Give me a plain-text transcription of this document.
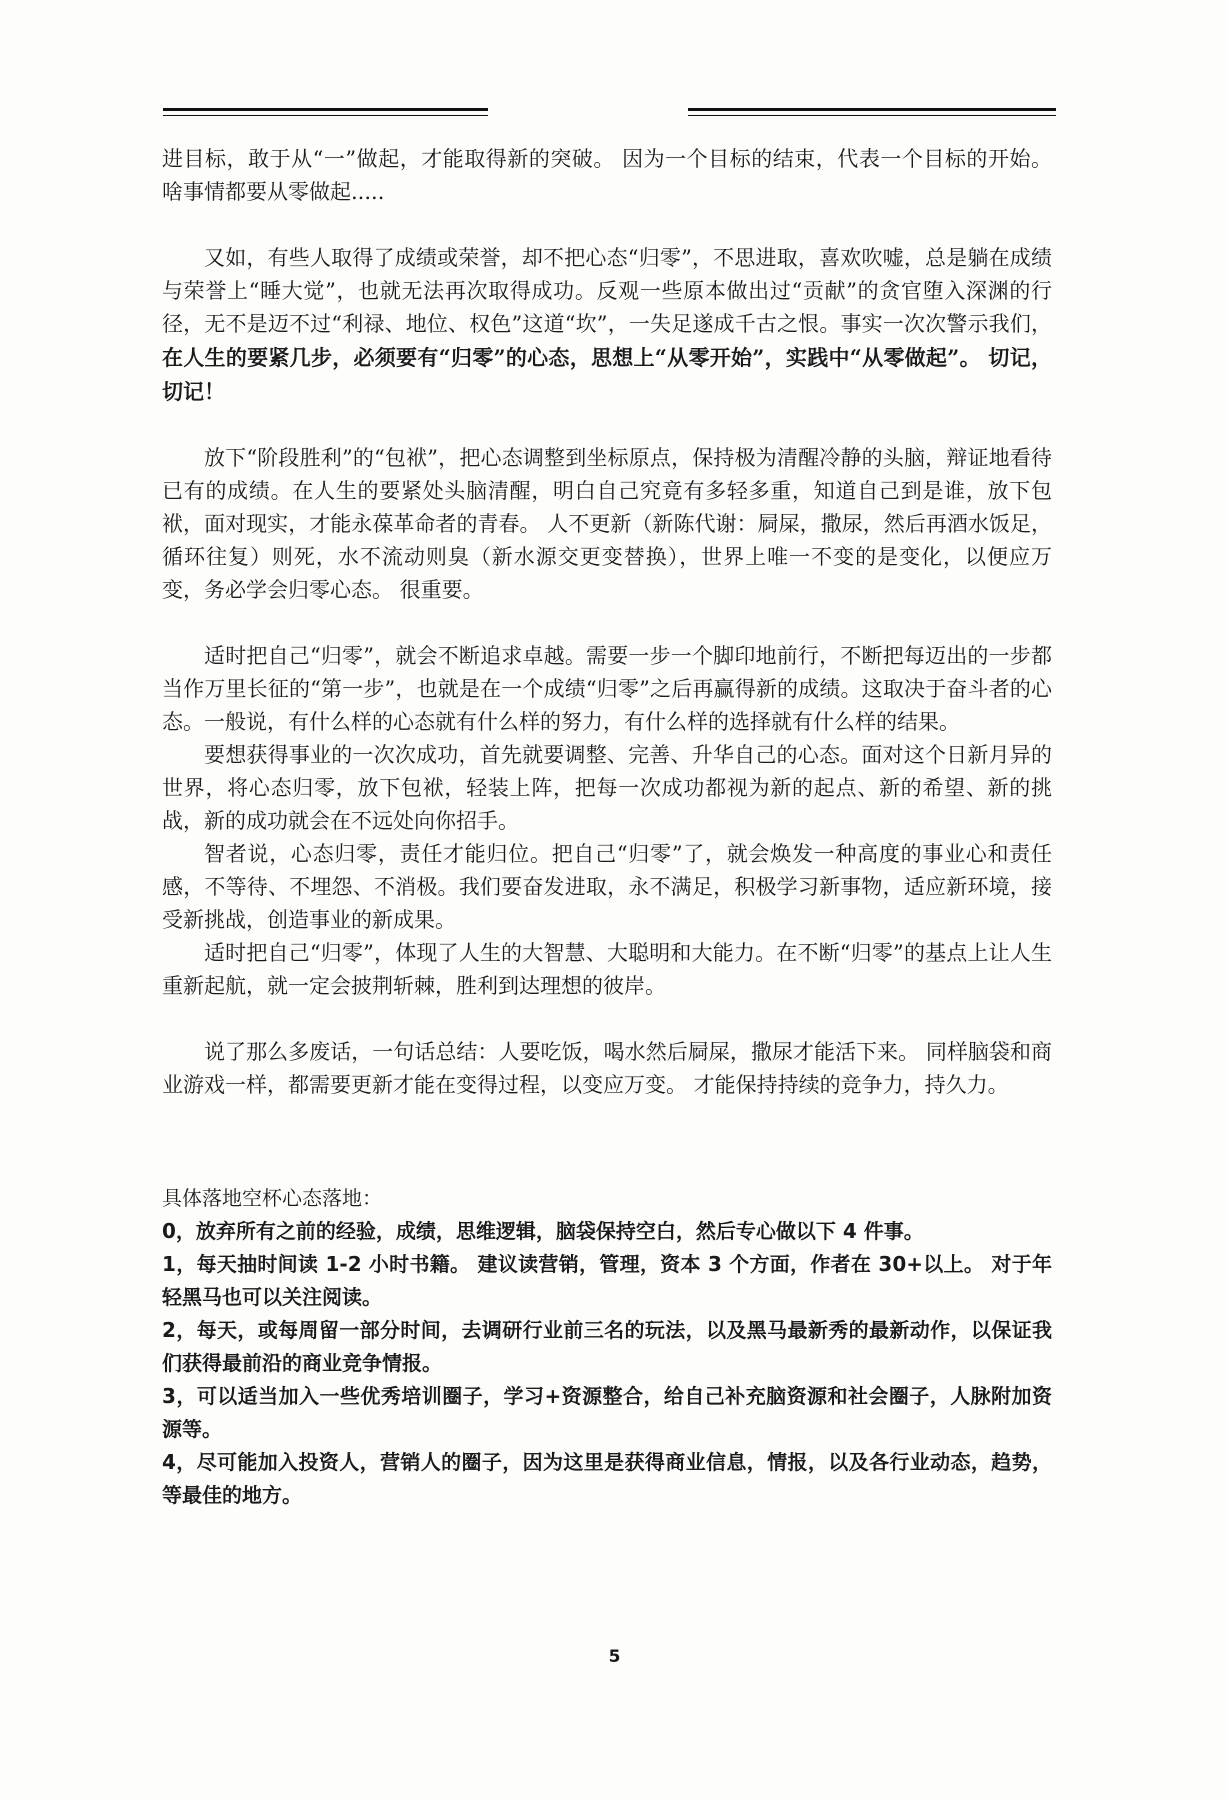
进目标，敢于从“一”做起，才能取得新的突破。 因为一个目标的结束，代表一个目标的开始。 啥事情都要从零做起.....

又如，有些人取得了成绩或荣誉，却不把心态“归零”，不思进取，喜欢吹嘘，总是躺在成绩与荣誉上“睡大觉”，也就无法再次取得成功。反观一些原本做出过“贡献”的贪官堕入深渊的行径，无不是迈不过“利禄、地位、权色”这道“坎”，一失足遂成千古之恨。事实一次次警示我们，在人生的要紧几步，必须要有“归零”的心态，思想上“从零开始”，实践中“从零做起”。 切记，切记！

放下“阶段胜利”的“包袱”，把心态调整到坐标原点，保持极为清醒冷静的头脑，辩证地看待已有的成绩。在人生的要紧处头脑清醒，明白自己究竟有多轻多重，知道自己到是谁，放下包袱，面对现实，才能永葆革命者的青春。 人不更新（新陈代谢：屙屎，撒尿，然后再酒水饭足，循环往复）则死，水不流动则臭（新水源交更变替换），世界上唯一不变的是变化，以便应万变，务必学会归零心态。 很重要。

适时把自己“归零”，就会不断追求卓越。需要一步一个脚印地前行，不断把每迈出的一步都当作万里长征的“第一步”，也就是在一个成绩“归零”之后再赢得新的成绩。这取决于奋斗者的心态。一般说，有什么样的心态就有什么样的努力，有什么样的选择就有什么样的结果。

要想获得事业的一次次成功，首先就要调整、完善、升华自己的心态。面对这个日新月异的世界，将心态归零，放下包袱，轻装上阵，把每一次成功都视为新的起点、新的希望、新的挑战，新的成功就会在不远处向你招手。

智者说，心态归零，责任才能归位。把自己“归零”了，就会焕发一种高度的事业心和责任感，不等待、不埋怨、不消极。我们要奋发进取，永不满足，积极学习新事物，适应新环境，接受新挑战，创造事业的新成果。

适时把自己“归零”，体现了人生的大智慧、大聪明和大能力。在不断“归零”的基点上让人生重新起航，就一定会披荆斩棘，胜利到达理想的彼岸。

说了那么多废话，一句话总结：人要吃饭，喝水然后屙屎，撒尿才能活下来。 同样脑袋和商业游戏一样，都需要更新才能在变得过程，以变应万变。 才能保持持续的竞争力，持久力。

具体落地空杯心态落地：

0，放弃所有之前的经验，成绩，思维逻辑，脑袋保持空白，然后专心做以下 4 件事。

1，每天抽时间读 1-2 小时书籍。 建议读营销，管理，资本 3 个方面，作者在 30+以上。 对于年轻黑马也可以关注阅读。

2，每天，或每周留一部分时间，去调研行业前三名的玩法，以及黑马最新秀的最新动作，以保证我们获得最前沿的商业竞争情报。

3，可以适当加入一些优秀培训圈子，学习+资源整合，给自己补充脑资源和社会圈子，人脉附加资源等。

4，尽可能加入投资人，营销人的圈子，因为这里是获得商业信息，情报，以及各行业动态，趋势，等最佳的地方。

5
